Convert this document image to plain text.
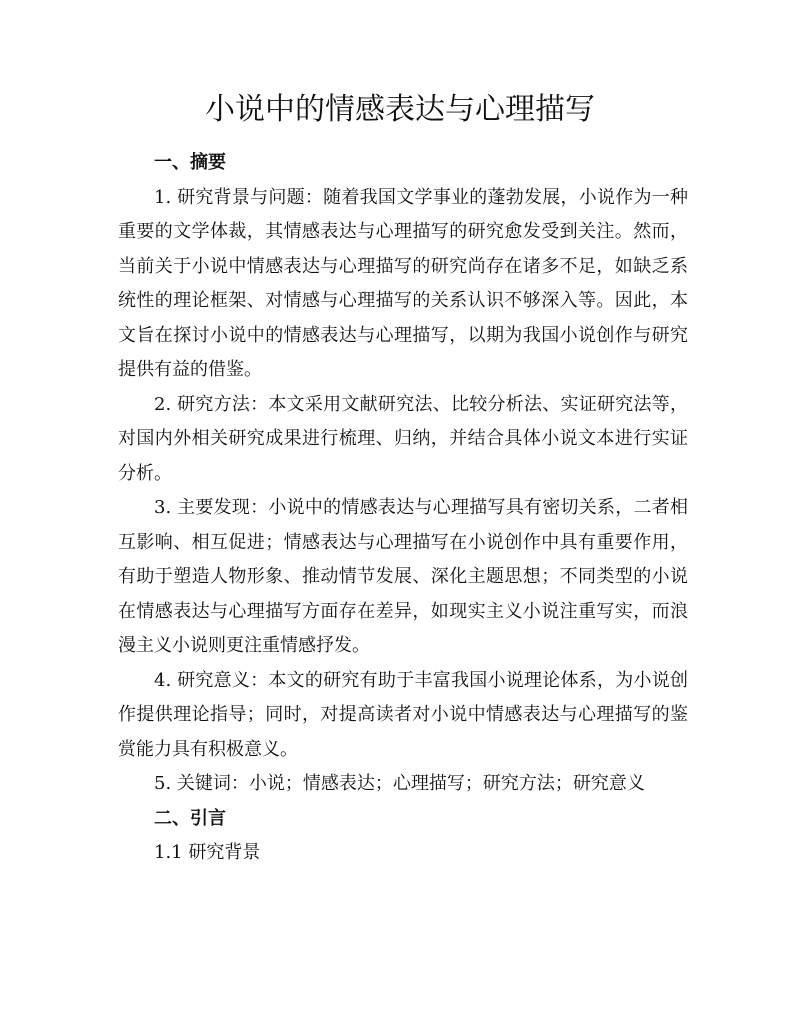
小说中的情感表达与心理描写

一、摘要

1. 研究背景与问题：随着我国文学事业的蓬勃发展，小说作为一种重要的文学体裁，其情感表达与心理描写的研究愈发受到关注。然而，当前关于小说中情感表达与心理描写的研究尚存在诸多不足，如缺乏系统性的理论框架、对情感与心理描写的关系认识不够深入等。因此，本文旨在探讨小说中的情感表达与心理描写，以期为我国小说创作与研究提供有益的借鉴。

2. 研究方法：本文采用文献研究法、比较分析法、实证研究法等，对国内外相关研究成果进行梳理、归纳，并结合具体小说文本进行实证分析。

3. 主要发现：小说中的情感表达与心理描写具有密切关系，二者相互影响、相互促进；情感表达与心理描写在小说创作中具有重要作用，有助于塑造人物形象、推动情节发展、深化主题思想；不同类型的小说在情感表达与心理描写方面存在差异，如现实主义小说注重写实，而浪漫主义小说则更注重情感抒发。

4. 研究意义：本文的研究有助于丰富我国小说理论体系，为小说创作提供理论指导；同时，对提高读者对小说中情感表达与心理描写的鉴赏能力具有积极意义。

5. 关键词：小说；情感表达；心理描写；研究方法；研究意义

二、引言

1.1 研究背景
